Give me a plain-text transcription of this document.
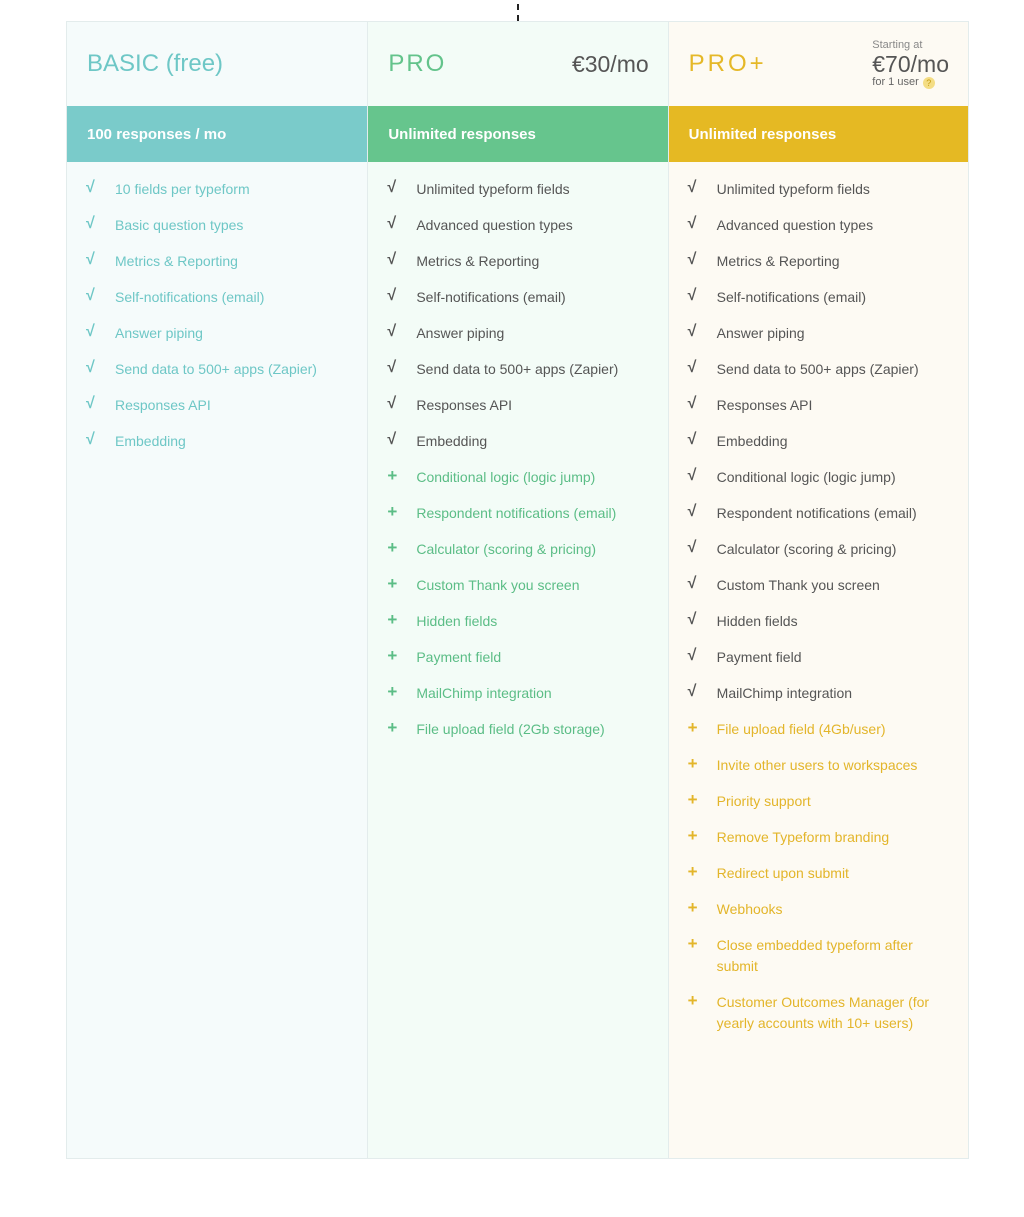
BASIC (free)
100 responses / mo
√	10 fields per typeform
√	Basic question types
√	Metrics & Reporting
√	Self-notifications (email)
√	Answer piping
√	Send data to 500+ apps (Zapier)
√	Responses API
√	Embedding
PRO	€30/mo
Unlimited responses
√	Unlimited typeform fields
√	Advanced question types
√	Metrics & Reporting
√	Self-notifications (email)
√	Answer piping
√	Send data to 500+ apps (Zapier)
√	Responses API
√	Embedding
+	Conditional logic (logic jump)
+	Respondent notifications (email)
+	Calculator (scoring & pricing)
+	Custom Thank you screen
+	Hidden fields
+	Payment field
+	MailChimp integration
+	File upload field (2Gb storage)
PRO+
Starting at
€70/mo
for 1 user ?
Unlimited responses
√	Unlimited typeform fields
√	Advanced question types
√	Metrics & Reporting
√	Self-notifications (email)
√	Answer piping
√	Send data to 500+ apps (Zapier)
√	Responses API
√	Embedding
√	Conditional logic (logic jump)
√	Respondent notifications (email)
√	Calculator (scoring & pricing)
√	Custom Thank you screen
√	Hidden fields
√	Payment field
√	MailChimp integration
+	File upload field (4Gb/user)
+	Invite other users to workspaces
+	Priority support
+	Remove Typeform branding
+	Redirect upon submit
+	Webhooks
+	Close embedded typeform after submit
+	Customer Outcomes Manager (for yearly accounts with 10+ users)
